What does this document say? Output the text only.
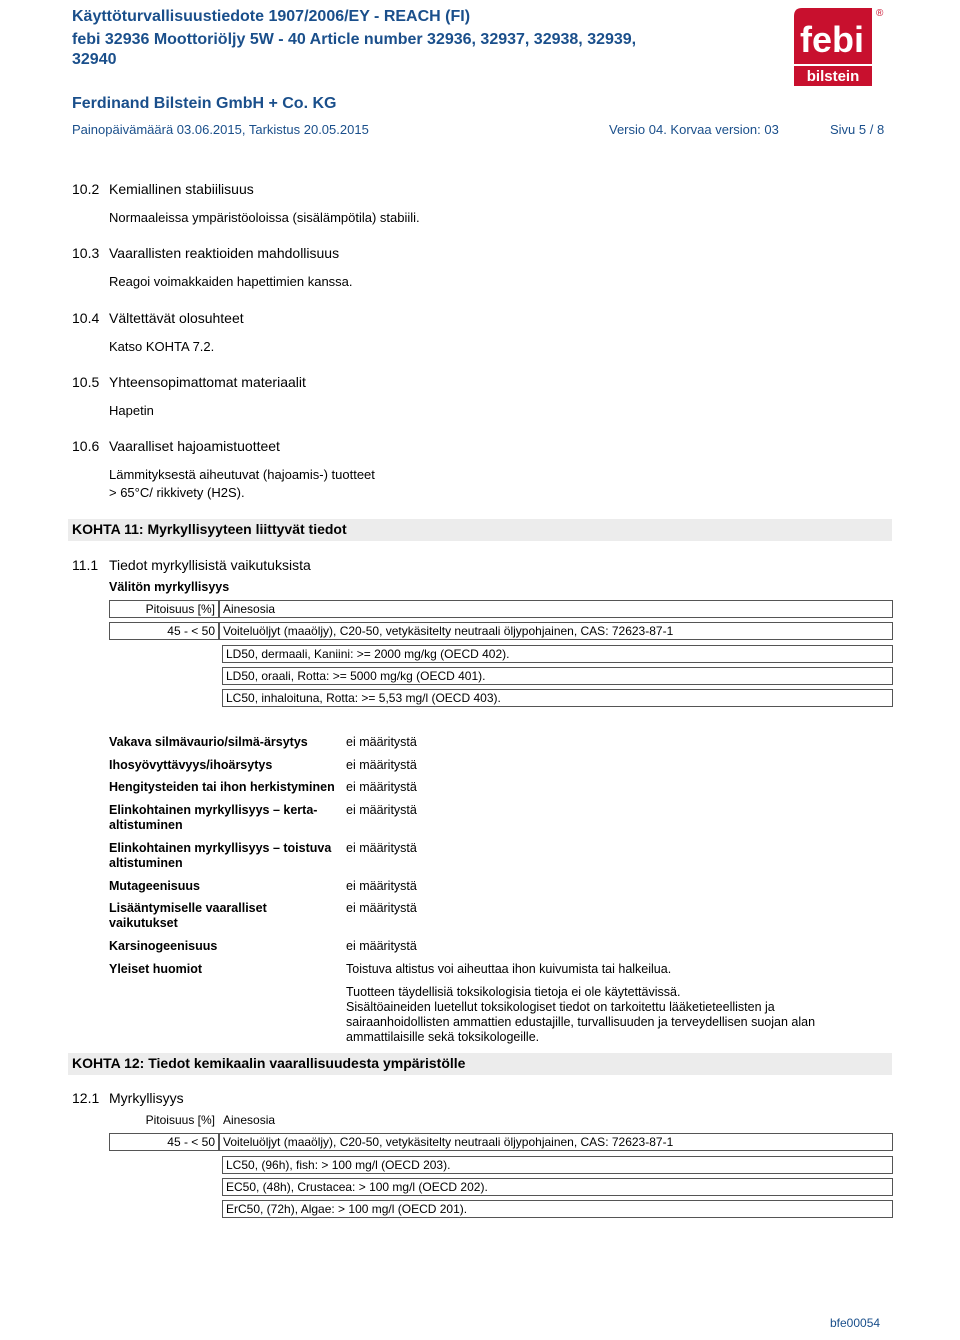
Käyttöturvallisuustiedote 1907/2006/EY - REACH (FI)
febi 32936 Moottoriöljy 5W - 40 Article number 32936, 32937, 32938, 32939,
32940
Ferdinand Bilstein GmbH + Co. KG
Painopäivämäärä 03.06.2015, Tarkistus 20.05.2015	Versio 04. Korvaa version: 03	Sivu 5 / 8
febi
bilstein
®
10.2 Kemiallinen stabiilisuus
Normaaleissa ympäristöoloissa (sisälämpötila) stabiili.
10.3 Vaarallisten reaktioiden mahdollisuus
Reagoi voimakkaiden hapettimien kanssa.
10.4 Vältettävät olosuhteet
Katso KOHTA 7.2.
10.5 Yhteensopimattomat materiaalit
Hapetin
10.6 Vaaralliset hajoamistuotteet
Lämmityksestä aiheutuvat (hajoamis-) tuotteet
> 65°C/ rikkivety (H2S).
KOHTA 11: Myrkyllisyyteen liittyvät tiedot
11.1 Tiedot myrkyllisistä vaikutuksista
Välitön myrkyllisyys
Pitoisuus [%] Ainesosia
45 - < 50 Voiteluöljyt (maaöljy), C20-50, vetykäsitelty neutraali öljypohjainen, CAS: 72623-87-1
LD50, dermaali, Kaniini: >= 2000 mg/kg (OECD 402).
LD50, oraali, Rotta: >= 5000 mg/kg (OECD 401).
LC50, inhaloituna, Rotta: >= 5,53 mg/l (OECD 403).
Vakava silmävaurio/silmä-ärsytys	ei määritystä
Ihosyövyttävyys/ihoärsytys	ei määritystä
Hengitysteiden tai ihon herkistyminen ei määritystä
Elinkohtainen myrkyllisyys – kerta-
altistuminen
ei määritystä
Elinkohtainen myrkyllisyys – toistuva
altistuminen
ei määritystä
Mutageenisuus	ei määritystä
Lisääntymiselle vaaralliset
vaikutukset
ei määritystä
Karsinogeenisuus	ei määritystä
Yleiset huomiot	Toistuva altistus voi aiheuttaa ihon kuivumista tai halkeilua.
Tuotteen täydellisiä toksikologisia tietoja ei ole käytettävissä.
Sisältöaineiden luetellut toksikologiset tiedot on tarkoitettu lääketieteellisten ja
sairaanhoidollisten ammattien edustajille, turvallisuuden ja terveydellisen suojan alan
ammattilaisille sekä toksikologeille.
KOHTA 12: Tiedot kemikaalin vaarallisuudesta ympäristölle
12.1 Myrkyllisyys
Pitoisuus [%] Ainesosia
45 - < 50 Voiteluöljyt (maaöljy), C20-50, vetykäsitelty neutraali öljypohjainen, CAS: 72623-87-1
LC50, (96h), fish: > 100 mg/l (OECD 203).
EC50, (48h), Crustacea: > 100 mg/l (OECD 202).
ErC50, (72h), Algae: > 100 mg/l (OECD 201).
bfe00054
